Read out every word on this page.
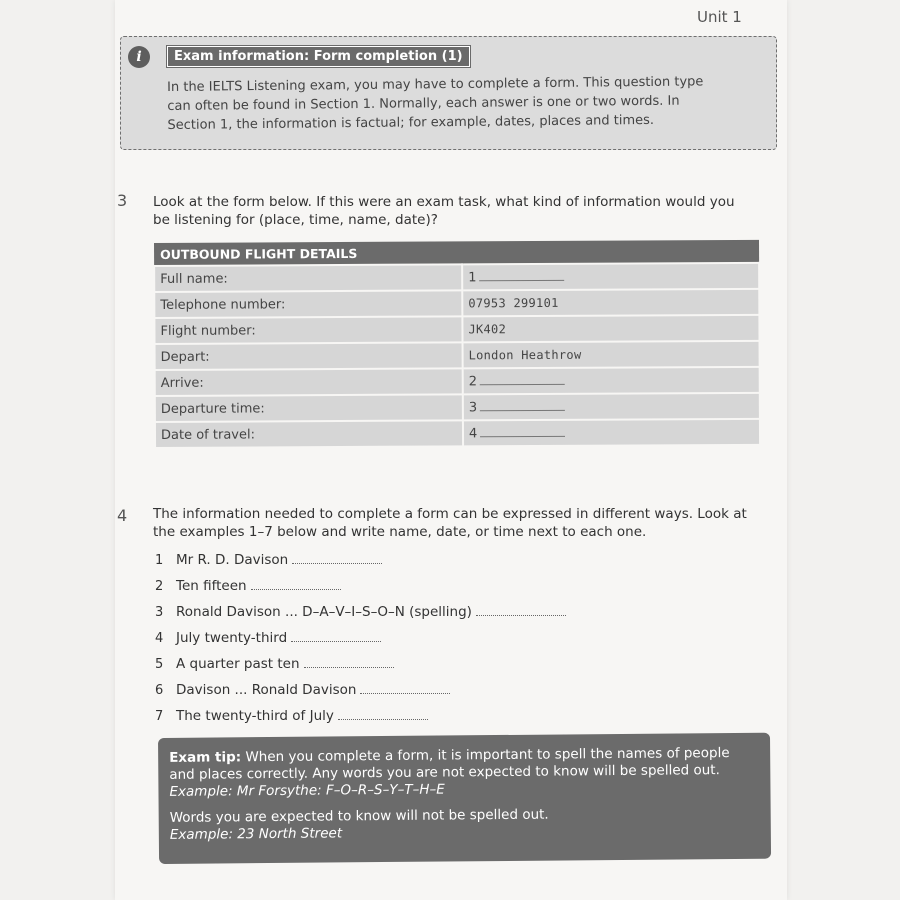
Unit 1
i	Exam information: Form completion (1)
In the IELTS Listening exam, you may have to complete a form. This question type can often be found in Section 1. Normally, each answer is one or two words. In Section 1, the information is factual; for example, dates, places and times.
3 Look at the form below. If this were an exam task, what kind of information would you be listening for (place, time, name, date)?
OUTBOUND FLIGHT DETAILS	
Full name:	1
Telephone number:	07953 299101
Flight number:	JK402
Depart:	London Heathrow
Arrive:	2
Departure time:	3
Date of travel:	4
4 The information needed to complete a form can be expressed in different ways. Look at the examples 1–7 below and write name, date, or time next to each one.
1 Mr R. D. Davison
2 Ten fifteen
3 Ronald Davison ... D–A–V–I–S–O–N (spelling)
4 July twenty-third
5 A quarter past ten
6 Davison ... Ronald Davison
7 The twenty-third of July
Exam tip: When you complete a form, it is important to spell the names of people and places correctly. Any words you are not expected to know will be spelled out.
Example: Mr Forsythe: F–O–R–S–Y–T–H–E
Words you are expected to know will not be spelled out.
Example: 23 North Street
